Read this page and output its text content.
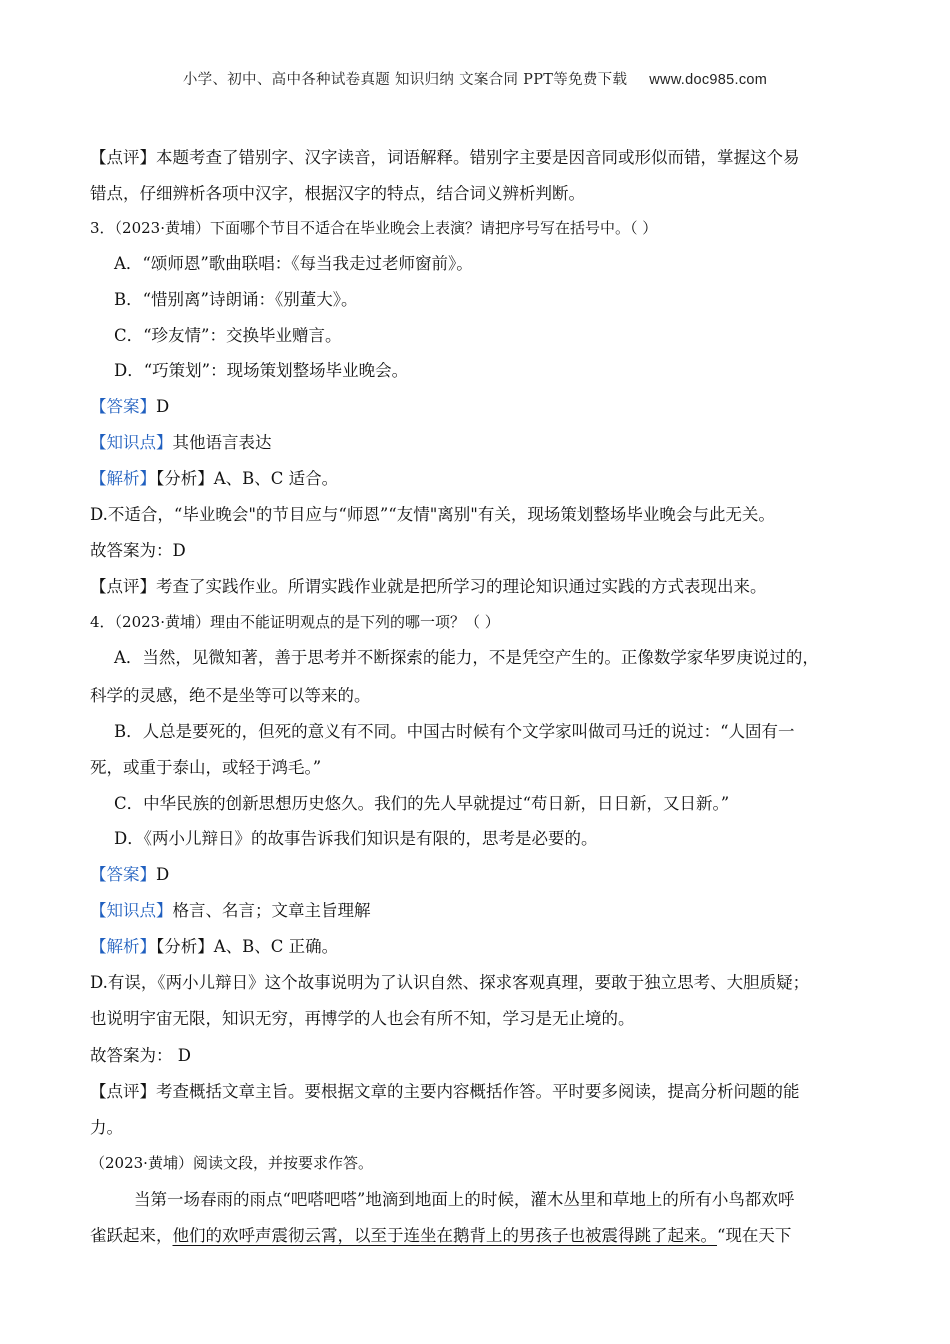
小学、初中、高中各种试卷真题 知识归纳 文案合同 PPT等免费下载 www.doc985.com
【点评】本题考查了错别字、汉字读音，词语解释。错别字主要是因音同或形似而错，掌握这个易
错点，仔细辨析各项中汉字，根据汉字的特点，结合词义辨析判断。
3．（2023·黄埔）下面哪个节目不适合在毕业晚会上表演？请把序号写在括号中。（ ）
A．“颂师恩”歌曲联唱：《每当我走过老师窗前》。
B．“惜别离”诗朗诵：《别董大》。
C．“珍友情”：交换毕业赠言。
D．“巧策划”：现场策划整场毕业晚会。
【答案】D
【知识点】其他语言表达
【解析】【分析】A、B、C 适合。
D.不适合，“毕业晚会"的节目应与“师恩”“友情"离别"有关，现场策划整场毕业晚会与此无关。
故答案为：D
【点评】考查了实践作业。所谓实践作业就是把所学习的理论知识通过实践的方式表现出来。
4．（2023·黄埔）理由不能证明观点的是下列的哪一项？（ ）
A．当然，见微知著，善于思考并不断探索的能力，不是凭空产生的。正像数学家华罗庚说过的，
科学的灵感，绝不是坐等可以等来的。
B．人总是要死的，但死的意义有不同。中国古时候有个文学家叫做司马迁的说过：“人固有一
死，或重于泰山，或轻于鸿毛。”
C．中华民族的创新思想历史悠久。我们的先人早就提过“苟日新，日日新，又日新。”
D．《两小儿辩日》的故事告诉我们知识是有限的，思考是必要的。
【答案】D
【知识点】格言、名言；文章主旨理解
【解析】【分析】A、B、C 正确。
D.有误，《两小儿辩日》这个故事说明为了认识自然、探求客观真理，要敢于独立思考、大胆质疑；
也说明宇宙无限，知识无穷，再博学的人也会有所不知，学习是无止境的。
故答案为： D
【点评】考查概括文章主旨。要根据文章的主要内容概括作答。平时要多阅读，提高分析问题的能
力。
（2023·黄埔）阅读文段，并按要求作答。
当第一场春雨的雨点“吧嗒吧嗒”地滴到地面上的时候，灌木丛里和草地上的所有小鸟都欢呼
雀跃起来，他们的欢呼声震彻云霄，以至于连坐在鹅背上的男孩子也被震得跳了起来。“现在天下
